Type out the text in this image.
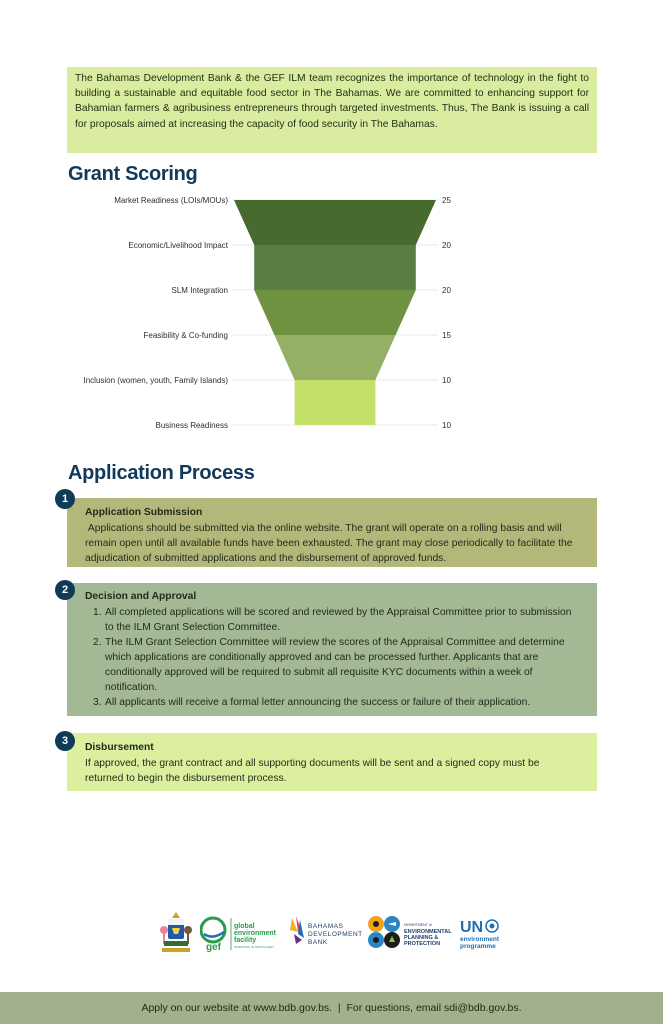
The Bahamas Development Bank & the GEF ILM team recognizes the importance of technology in the fight to building a sustainable and equitable food sector in The Bahamas. We are committed to enhancing support for Bahamian farmers & agribusiness entrepreneurs through targeted investments. Thus, The Bank is issuing a call for proposals aimed at increasing the capacity of food security in The Bahamas.

Grant Scoring
Market Readiness (LOIs/MOUs)	25
Economic/Livelihood Impact	20
SLM Integration	20
Feasibility & Co-funding	15
Inclusion (women, youth, Family Islands)	10
Business Readiness	10
Application Process
Application Submission
Applications should be submitted via the online website. The grant will operate on a rolling basis and will remain open until all available funds have been exhausted. The grant may close periodically to facilitate the adjudication of submitted applications and the disbursement of approved funds.
1
Decision and Approval
1. All completed applications will be scored and reviewed by the Appraisal Committee prior to submission to the ILM Grant Selection Committee.
2. The ILM Grant Selection Committee will review the scores of the Appraisal Committee and determine which applications are conditionally approved and can be processed further. Applicants that are conditionally approved will be required to submit all requisite KYC documents within a week of notification.
3. All applicants will receive a formal letter announcing the success or failure of their application.
2
Disbursement
If approved, the grant contract and all supporting documents will be sent and a signed copy must be returned to begin the disbursement process.
3
gef
global
environment
facility
INVESTING IN OUR PLANET
BAHAMAS
DEVELOPMENT
BANK
DEPARTMENT of
ENVIRONMENTAL
PLANNING &
PROTECTION
UN
environment
programme
Apply on our website at www.bdb.gov.bs.  |  For questions, email sdi@bdb.gov.bs.
